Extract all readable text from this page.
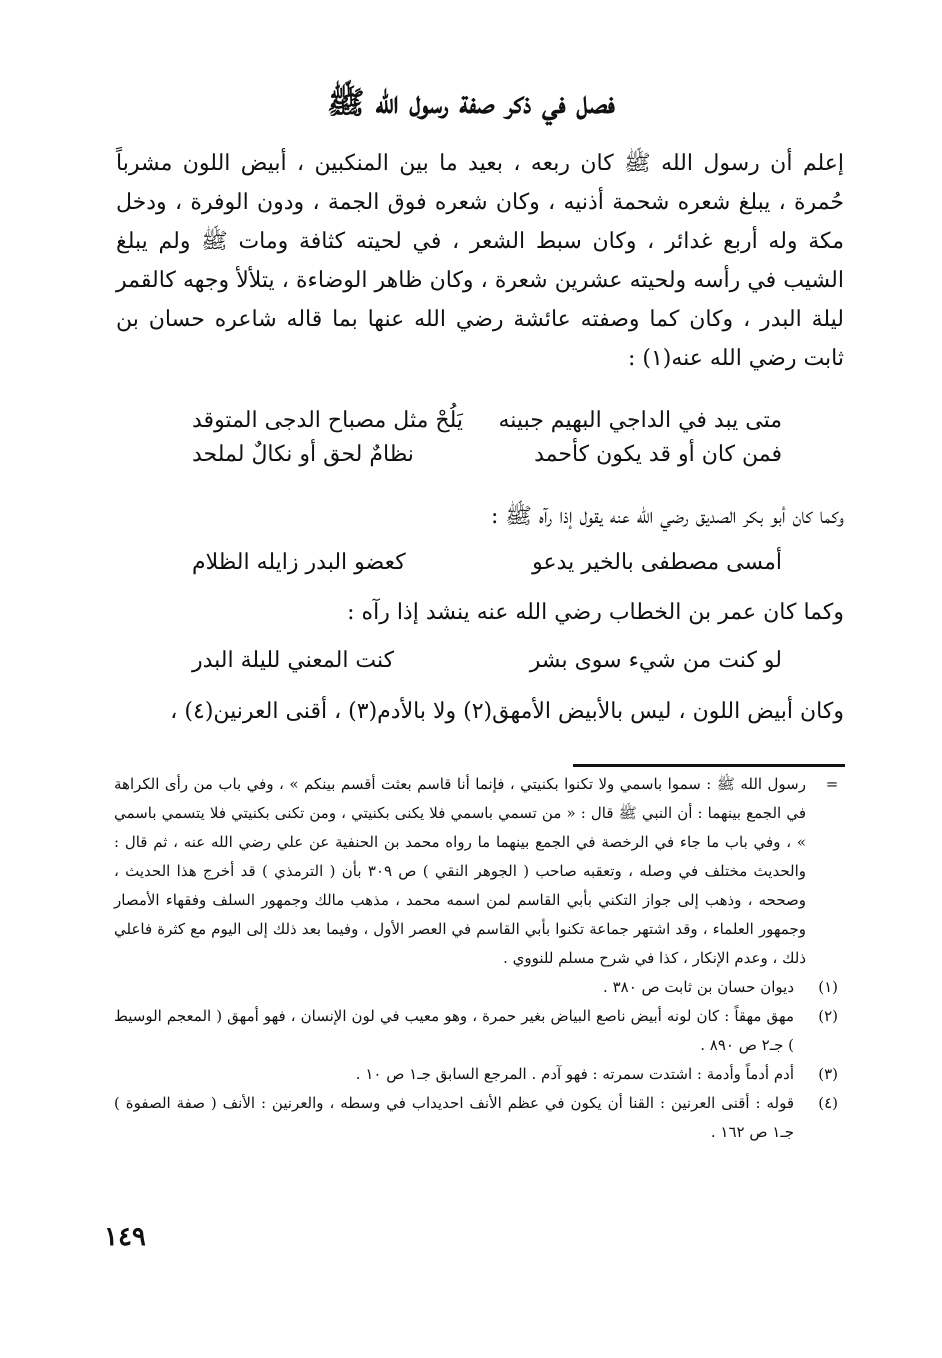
فصل في ذكر صفة رسول الله ﷺ

إعلم أن رسول الله ﷺ كان ربعه ، بعيد ما بين المنكبين ، أبيض اللون مشرباً حُمرة ، يبلغ شعره شحمة أذنيه ، وكان شعره فوق الجمة ، ودون الوفرة ، ودخل مكة وله أربع غدائر ، وكان سبط الشعر ، في لحيته كثافة ومات ﷺ ولم يبلغ الشيب في رأسه ولحيته عشرين شعرة ، وكان ظاهر الوضاءة ، يتلألأ وجهه كالقمر ليلة البدر ، وكان كما وصفته عائشة رضي الله عنها بما قاله شاعره حسان بن ثابت رضي الله عنه(١) :

متى يبد في الداجي البهيم جبينه
يَلُحْ مثل مصباح الدجى المتوقد
فمن كان أو قد يكون كأحمد
نظامٌ لحق أو نكالٌ لملحد
وكما كان أبو بكر الصديق رضي الله عنه يقول إذا رآه ﷺ :
أمسى مصطفى بالخير يدعو
كعضو البدر زايله الظلام
وكما كان عمر بن الخطاب رضي الله عنه ينشد إذا رآه :
لو كنت من شيء سوى بشر
كنت المعني لليلة البدر
وكان أبيض اللون ، ليس بالأبيض الأمهق(٢) ولا بالأدم(٣) ، أقنى العرنين(٤) ،
=
رسول الله ﷺ : سموا باسمي ولا تكنوا بكنيتي ، فإنما أنا قاسم بعثت أقسم بينكم » ، وفي باب من رأى الكراهة في الجمع بينهما : أن النبي ﷺ قال : « من تسمي باسمي فلا يكنى بكنيتي ، ومن تكنى بكنيتي فلا يتسمي باسمي » ، وفي باب ما جاء في الرخصة في الجمع بينهما ما رواه محمد بن الحنفية عن علي رضي الله عنه ، ثم قال : والحديث مختلف في وصله ، وتعقبه صاحب ( الجوهر النقي ) ص ٣٠٩ بأن ( الترمذي ) قد أخرج هذا الحديث ، وصححه ، وذهب إلى جواز التكني بأبي القاسم لمن اسمه محمد ، مذهب مالك وجمهور السلف وفقهاء الأمصار وجمهور العلماء ، وقد اشتهر جماعة تكنوا بأبي القاسم في العصر الأول ، وفيما بعد ذلك إلى اليوم مع كثرة فاعلي ذلك ، وعدم الإنكار ، كذا في شرح مسلم للنووي .
(١)
ديوان حسان بن ثابت ص ٣٨٠ .
(٢)
مهق مهقاً : كان لونه أبيض ناصع البياض بغير حمرة ، وهو معيب في لون الإنسان ، فهو أمهق ( المعجم الوسيط ) جـ٢ ص ٨٩٠ .
(٣)
أدم أدماً وأدمة : اشتدت سمرته : فهو آدم . المرجع السابق جـ١ ص ١٠ .
(٤)
قوله : أقنى العرنين : القنا أن يكون في عظم الأنف احديداب في وسطه ، والعرنين : الأنف ( صفة الصفوة ) جـ١ ص ١٦٢ .
١٤٩
